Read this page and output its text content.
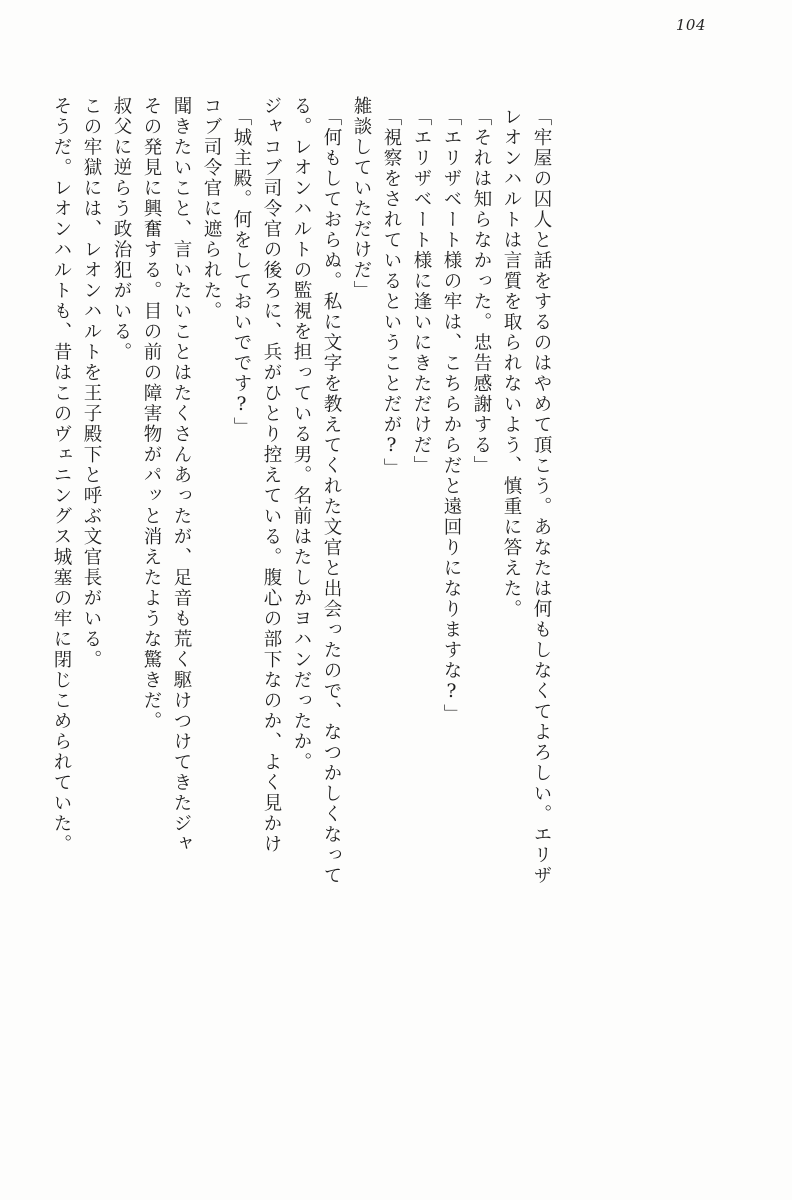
104
そうだ。レオンハルトも、昔はこのヴェニングス城塞の牢に閉じこめられていた。 この牢獄には、レオンハルトを王子殿下と呼ぶ文官長がいる。 叔父に逆らう政治犯がいる。 その発見に興奮する。目の前の障害物がパッと消えたような驚きだ。 聞きたいこと、言いたいことはたくさんあったが、足音も荒く駆けつけてきたジャ コブ司令官に遮られた。 「城主殿。何をしておいでです?」 ジャコブ司令官の後ろに、兵がひとり控えている。腹心の部下なのか、よく見かけ る。レオンハルトの監視を担っている男。名前はたしかヨハンだったか。 「何もしておらぬ。私に文字を教えてくれた文官と出会ったので、なつかしくなって 雑談していただけだ」 「視察をされているということだが?」 「エリザベート様に逢いにきただけだ」 「エリザベート様の牢は、こちらからだと遠回りになりますな?」 「それは知らなかった。忠告感謝する」 レオンハルトは言質を取られないよう、慎重に答えた。 「牢屋の囚人と話をするのはやめて頂こう。あなたは何もしなくてよろしい。エリザ
